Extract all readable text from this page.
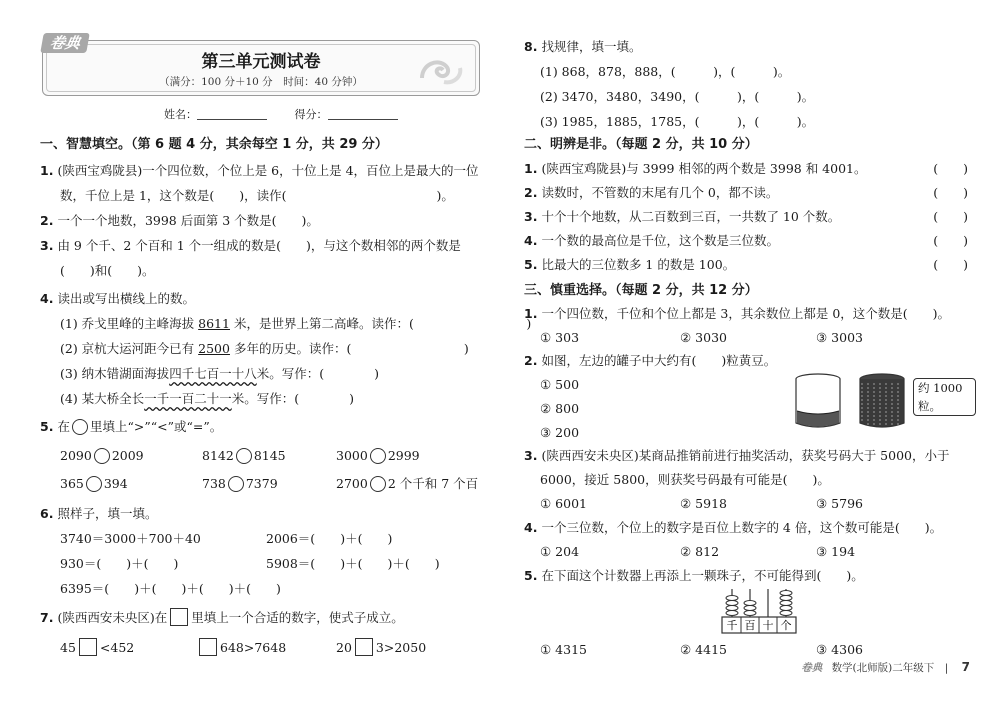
卷典
第三单元测试卷
（满分：100 分＋10 分　时间：40 分钟）
姓名：	得分：
一、智慧填空。（第 6 题 4 分，其余每空 1 分，共 29 分）
1. (陕西宝鸡陇县)一个四位数，个位上是 6，十位上是 4，百位上是最大的一位
数，千位上是 1，这个数是(　　)，读作(　　　　　　　　　　　　)。
2. 一个一个地数，3998 后面第 3 个数是(　　)。
3. 由 9 个千、2 个百和 1 个一组成的数是(　　)，与这个数相邻的两个数是
(　　)和(　　)。
4. 读出或写出横线上的数。
(1) 乔戈里峰的主峰海拔 8611 米，是世界上第二高峰。读作：(　　　　　　　　　)
(2) 京杭大运河距今已有 2500 多年的历史。读作：(　　　　　　　　　)
(3) 纳木错湖面海拔四千七百一十八米。写作：(　　　　)
(4) 某大桥全长一千一百二十一米。写作：(　　　　)
5. 在 里填上“>”“<”或“=”。
2090 2009	8142 8145	3000 2999
365 394	738 7379	2700 2 个千和 7 个百
6. 照样子，填一填。
3740＝3000＋700＋40	2006＝(　　)＋(　　)
930＝(　　)＋(　　)	5908＝(　　)＋(　　)＋(　　)
6395＝(　　)＋(　　)＋(　　)＋(　　)
7. (陕西西安未央区)在 里填上一个合适的数字，使式子成立。
45 <452	648>7648	20 3>2050
8. 找规律，填一填。
(1) 868，878，888，(　　　)，(　　　)。
(2) 3470，3480，3490，(　　　)，(　　　)。
(3) 1985，1885，1785，(　　　)，(　　　)。
二、明辨是非。（每题 2 分，共 10 分）
1. (陕西宝鸡陇县)与 3999 相邻的两个数是 3998 和 4001。	(　　)
2. 读数时，不管数的末尾有几个 0，都不读。	(　　)
3. 十个十个地数，从二百数到三百，一共数了 10 个数。	(　　)
4. 一个数的最高位是千位，这个数是三位数。	(　　)
5. 比最大的三位数多 1 的数是 100。	(　　)
三、慎重选择。（每题 2 分，共 12 分）
1. 一个四位数，千位和个位上都是 3，其余数位上都是 0，这个数是(　　)。
① 303	② 3030	③ 3003
2. 如图，左边的罐子中大约有(　　)粒黄豆。
① 500
② 800
③ 200
约 1000 粒。
3. (陕西西安未央区)某商品推销前进行抽奖活动，获奖号码大于 5000，小于
6000，接近 5800，则获奖号码最有可能是(　　)。
① 6001	② 5918	③ 5796
4. 一个三位数，个位上的数字是百位上数字的 4 倍，这个数可能是(　　)。
① 204	② 812	③ 194
5. 在下面这个计数器上再添上一颗珠子，不可能得到(　　)。
千 百 十 个
① 4315	② 4415	③ 4306
卷典 数学(北师版)二年级下　| 7
